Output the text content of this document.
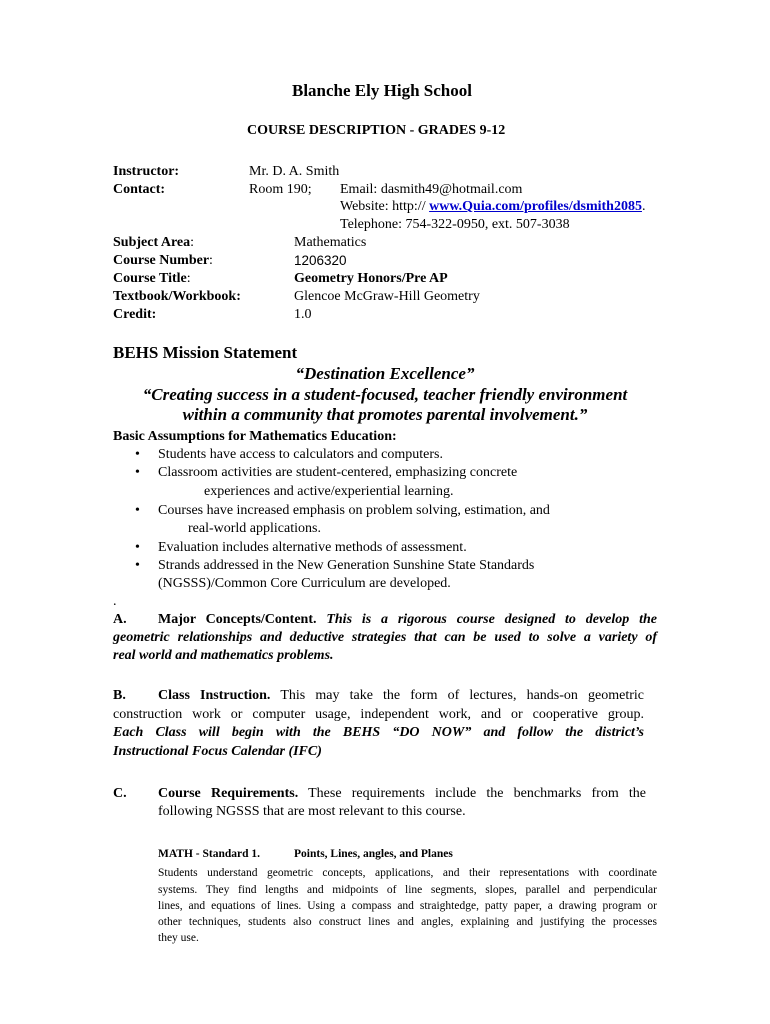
Blanche Ely High School
COURSE DESCRIPTION - GRADES 9-12
Instructor:	Mr. D. A. Smith
Contact:	Room 190; Email: dasmith49@hotmail.com
Website: http:// www.Quia.com/profiles/dsmith2085.
Telephone: 754-322-0950, ext. 507-3038
Subject Area:	Mathematics
Course Number:	1206320
Course Title:	Geometry Honors/Pre AP
Textbook/Workbook:	Glencoe McGraw-Hill Geometry
Credit:	1.0
BEHS Mission Statement
“Destination Excellence”
“Creating success in a student-focused, teacher friendly environment
within a community that promotes parental involvement.”
Basic Assumptions for Mathematics Education:
• Students have access to calculators and computers.
• Classroom activities are student-centered, emphasizing concrete
experiences and active/experiential learning.
• Courses have increased emphasis on problem solving, estimation, and
real-world applications.
• Evaluation includes alternative methods of assessment.
• Strands addressed in the New Generation Sunshine State Standards
(NGSSS)/Common Core Curriculum are developed.
.
A. Major Concepts/Content. This is a rigorous course designed to develop the
geometric relationships and deductive strategies that can be used to solve a variety of
real world and mathematics problems.
B. Class Instruction. This may take the form of lectures, hands-on geometric
construction work or computer usage, independent work, and or cooperative group.
Each Class will begin with the BEHS “DO NOW” and follow the district’s
Instructional Focus Calendar (IFC)
C. Course Requirements. These requirements include the benchmarks from the
following NGSSS that are most relevant to this course.
MATH - Standard 1.	Points, Lines, angles, and Planes
Students understand geometric concepts, applications, and their representations with coordinate
systems. They find lengths and midpoints of line segments, slopes, parallel and perpendicular
lines, and equations of lines. Using a compass and straightedge, patty paper, a drawing program or
other techniques, students also construct lines and angles, explaining and justifying the processes
they use.
